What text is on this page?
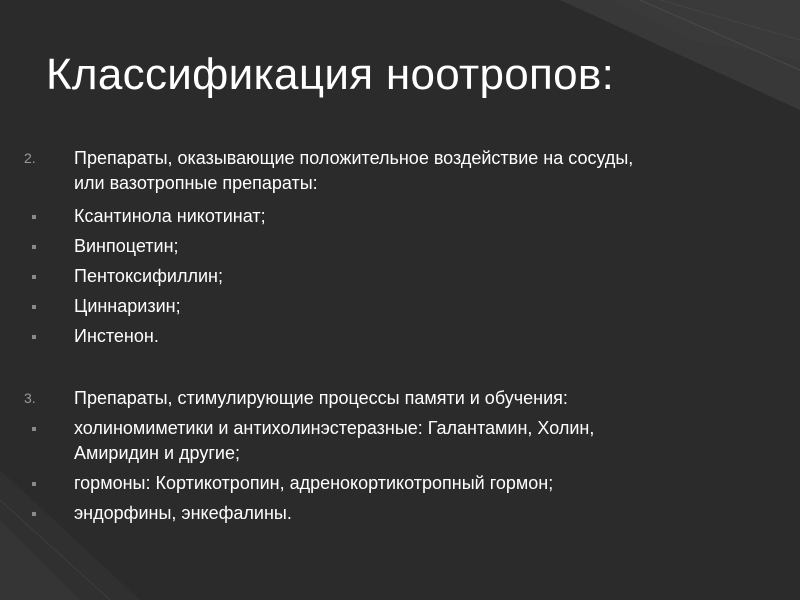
Классификация ноотропов:
2. Препараты, оказывающие положительное воздействие на сосуды,
или вазотропные препараты:
Ксантинола никотинат;
Винпоцетин;
Пентоксифиллин;
Циннаризин;
Инстенон.
3. Препараты, стимулирующие процессы памяти и обучения:
холиномиметики и антихолинэстеразные: Галантамин, Холин,
Амиридин и другие;
гормоны: Кортикотропин, адренокортикотропный гормон;
эндорфины, энкефалины.
